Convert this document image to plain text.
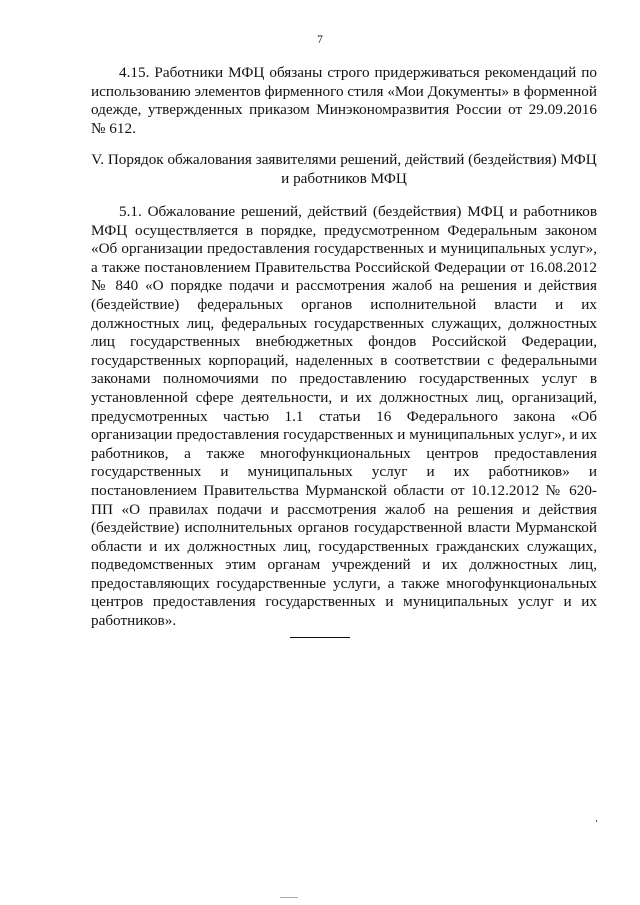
7

4.15. Работники МФЦ обязаны строго придерживаться рекомендаций по использованию элементов фирменного стиля «Мои Документы» в форменной одежде, утвержденных приказом Минэкономразвития России от 29.09.2016 № 612.

V. Порядок обжалования заявителями решений, действий (бездействия) МФЦ и работников МФЦ

5.1. Обжалование решений, действий (бездействия) МФЦ и работников МФЦ осуществляется в порядке, предусмотренном Федеральным законом «Об организации предоставления государственных и муниципальных услуг», а также постановлением Правительства Российской Федерации от 16.08.2012 № 840 «О порядке подачи и рассмотрения жалоб на решения и действия (бездействие) федеральных органов исполнительной власти и их должностных лиц, федеральных государственных служащих, должностных лиц государственных внебюджетных фондов Российской Федерации, государственных корпораций, наделенных в соответствии с федеральными законами полномочиями по предоставлению государственных услуг в установленной сфере деятельности, и их должностных лиц, организаций, предусмотренных частью 1.1 статьи 16 Федерального закона «Об организации предоставления государственных и муниципальных услуг», и их работников, а также многофункциональных центров предоставления государственных и муниципальных услуг и их работников» и постановлением Правительства Мурманской области от 10.12.2012 № 620-ПП «О правилах подачи и рассмотрения жалоб на решения и действия (бездействие) исполнительных органов государственной власти Мурманской области и их должностных лиц, государственных гражданских служащих, подведомственных этим органам учреждений и их должностных лиц, предоставляющих государственные услуги, а также многофункциональных центров предоставления государственных и муниципальных услуг и их работников».
